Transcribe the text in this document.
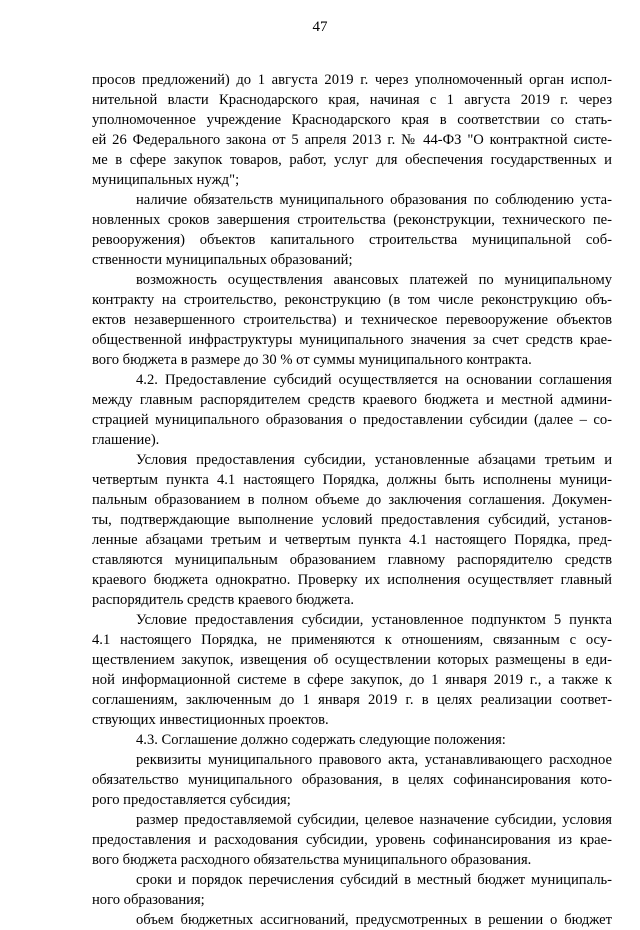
47
просов предложений) до 1 августа 2019 г. через уполномоченный орган испол-
нительной власти Краснодарского края, начиная с 1 августа 2019 г. через
уполномоченное учреждение Краснодарского края в соответствии со стать-
ей 26 Федерального закона от 5 апреля 2013 г. № 44-ФЗ "О контрактной систе-
ме в сфере закупок товаров, работ, услуг для обеспечения государственных и
муниципальных нужд";
наличие обязательств муниципального образования по соблюдению уста-
новленных сроков завершения строительства (реконструкции, технического пе-
ревооружения) объектов капитального строительства муниципальной соб-
ственности муниципальных образований;
возможность осуществления авансовых платежей по муниципальному
контракту на строительство, реконструкцию (в том числе реконструкцию объ-
ектов незавершенного строительства) и техническое перевооружение объектов
общественной инфраструктуры муниципального значения за счет средств крае-
вого бюджета в размере до 30 % от суммы муниципального контракта.
4.2. Предоставление субсидий осуществляется на основании соглашения
между главным распорядителем средств краевого бюджета и местной админи-
страцией муниципального образования о предоставлении субсидии (далее – со-
глашение).
Условия предоставления субсидии, установленные абзацами третьим и
четвертым пункта 4.1 настоящего Порядка, должны быть исполнены муници-
пальным образованием в полном объеме до заключения соглашения. Докумен-
ты, подтверждающие выполнение условий предоставления субсидий, установ-
ленные абзацами третьим и четвертым пункта 4.1 настоящего Порядка, пред-
ставляются муниципальным образованием главному распорядителю средств
краевого бюджета однократно. Проверку их исполнения осуществляет главный
распорядитель средств краевого бюджета.
Условие предоставления субсидии, установленное подпунктом 5 пункта
4.1 настоящего Порядка, не применяются к отношениям, связанным с осу-
ществлением закупок, извещения об осуществлении которых размещены в еди-
ной информационной системе в сфере закупок, до 1 января 2019 г., а также к
соглашениям, заключенным до 1 января 2019 г. в целях реализации соответ-
ствующих инвестиционных проектов.
4.3. Соглашение должно содержать следующие положения:
реквизиты муниципального правового акта, устанавливающего расходное
обязательство муниципального образования, в целях софинансирования кото-
рого предоставляется субсидия;
размер предоставляемой субсидии, целевое назначение субсидии, условия
предоставления и расходования субсидии, уровень софинансирования из крае-
вого бюджета расходного обязательства муниципального образования.
сроки и порядок перечисления субсидий в местный бюджет муниципаль-
ного образования;
объем бюджетных ассигнований, предусмотренных в решении о бюджет
